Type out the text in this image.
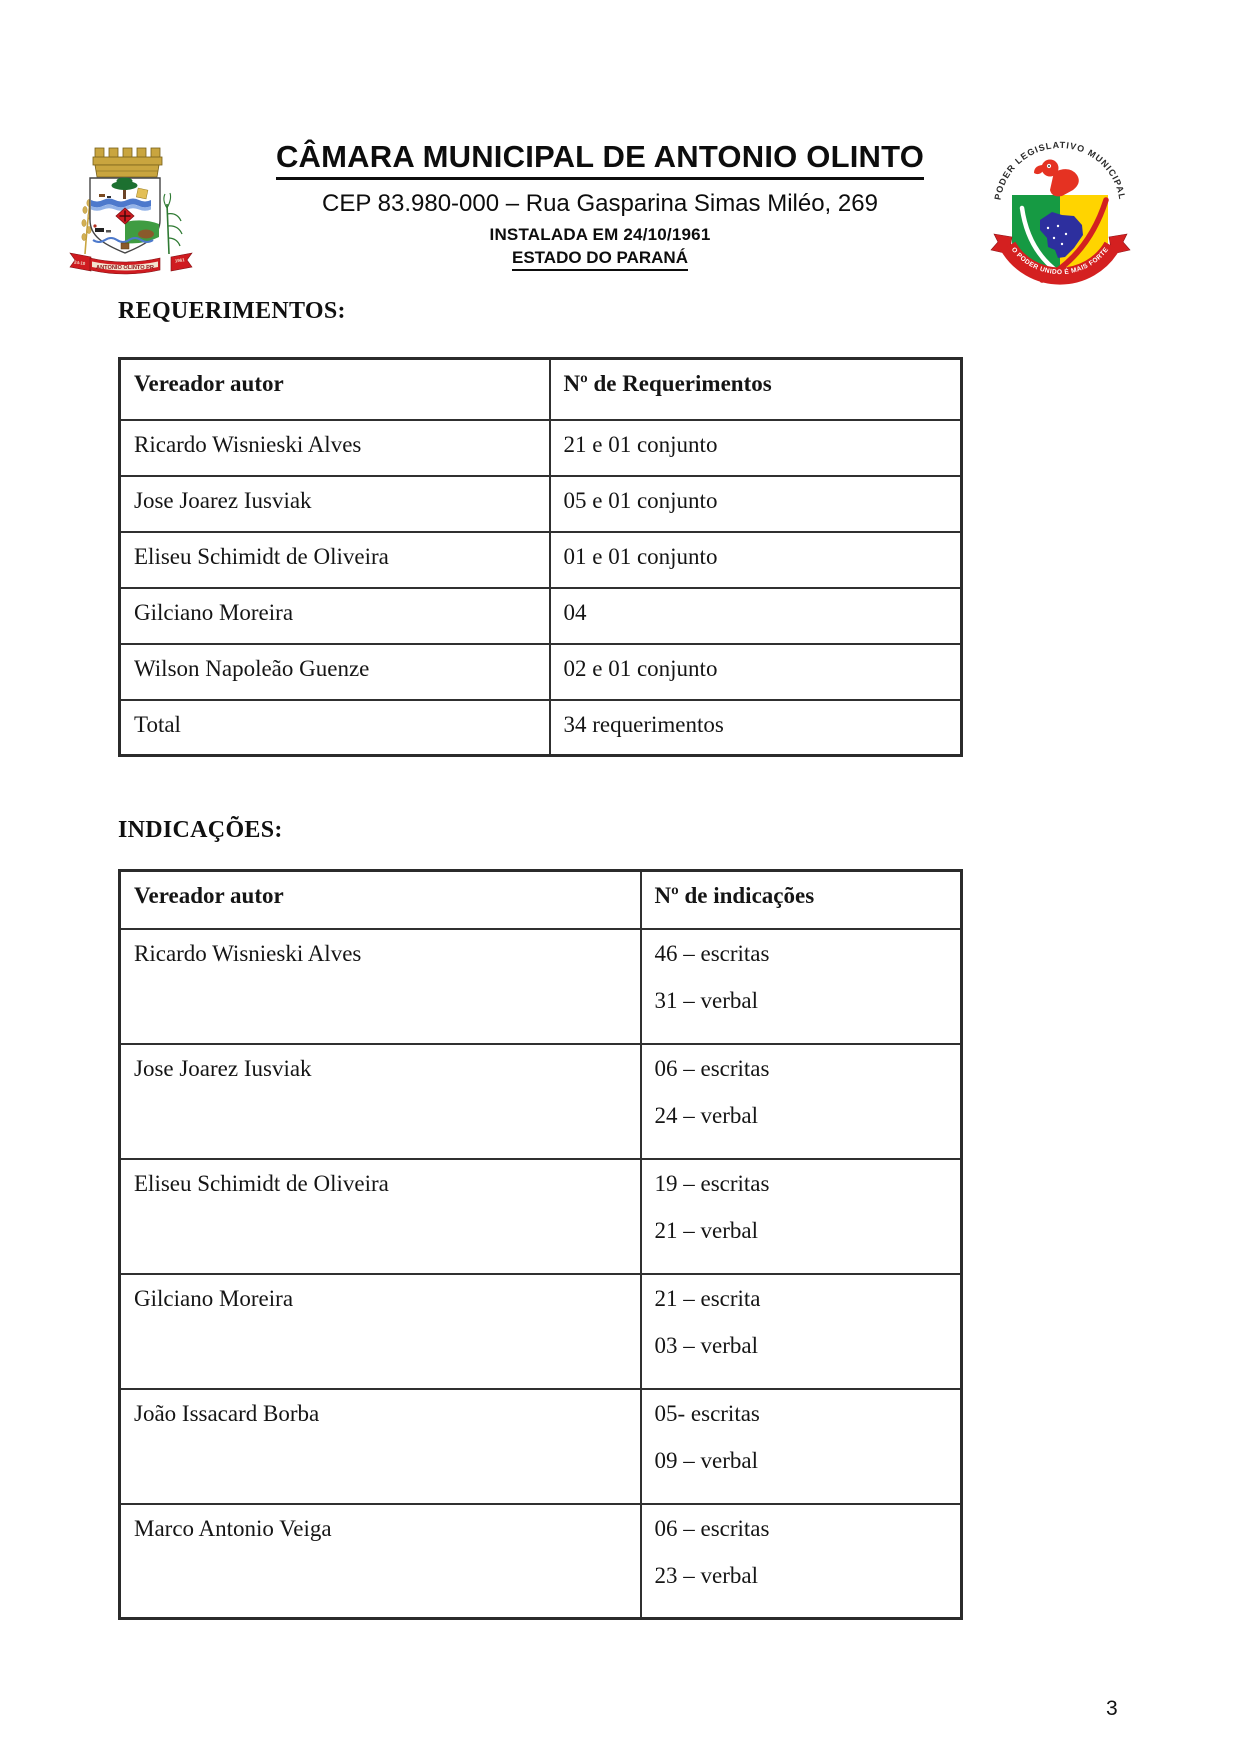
ANTONIO OLINTO PR
24-10	1961
CÂMARA MUNICIPAL DE ANTONIO OLINTO
CEP 83.980-000 – Rua Gasparina Simas Miléo, 269
INSTALADA EM 24/10/1961
ESTADO DO PARANÁ
PODER LEGISLATIVO MUNICIPAL
O PODER UNIDO É MAIS FORTE
REQUERIMENTOS:
Vereador autor	Nº de Requerimentos
Ricardo Wisnieski Alves	21 e 01 conjunto
Jose Joarez Iusviak	05 e 01 conjunto
Eliseu Schimidt de Oliveira	01 e 01 conjunto
Gilciano Moreira	04
Wilson Napoleão Guenze	02 e 01 conjunto
Total	34 requerimentos
INDICAÇÕES:
Vereador autor	Nº de indicações
Ricardo Wisnieski Alves	46 – escritas
31 – verbal

Jose Joarez Iusviak	06 – escritas
24 – verbal

Eliseu Schimidt de Oliveira	19 – escritas
21 – verbal

Gilciano Moreira	21 – escrita
03 – verbal

João Issacard Borba	05- escritas
09 – verbal

Marco Antonio Veiga	06 – escritas
23 – verbal
3
